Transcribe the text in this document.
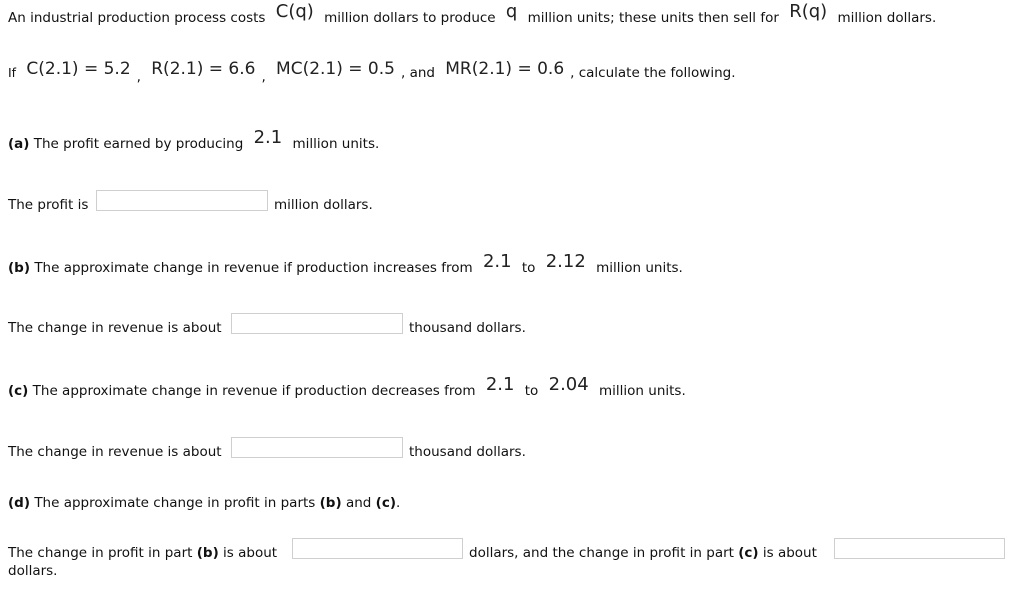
An industrial production process costs C(q) million dollars to produce q million units; these units then sell for R(q) million dollars.
If C(2.1) = 5.2 , R(2.1) = 6.6 , MC(2.1) = 0.5 , and MR(2.1) = 0.6 , calculate the following.
(a) The profit earned by producing 2.1 million units.
The profit is	million dollars.
(b) The approximate change in revenue if production increases from 2.1 to 2.12 million units.
The change in revenue is about	thousand dollars.
(c) The approximate change in revenue if production decreases from 2.1 to 2.04 million units.
The change in revenue is about	thousand dollars.
(d) The approximate change in profit in parts (b) and (c).
The change in profit in part (b) is about	dollars, and the change in profit in part (c) is about
dollars.
